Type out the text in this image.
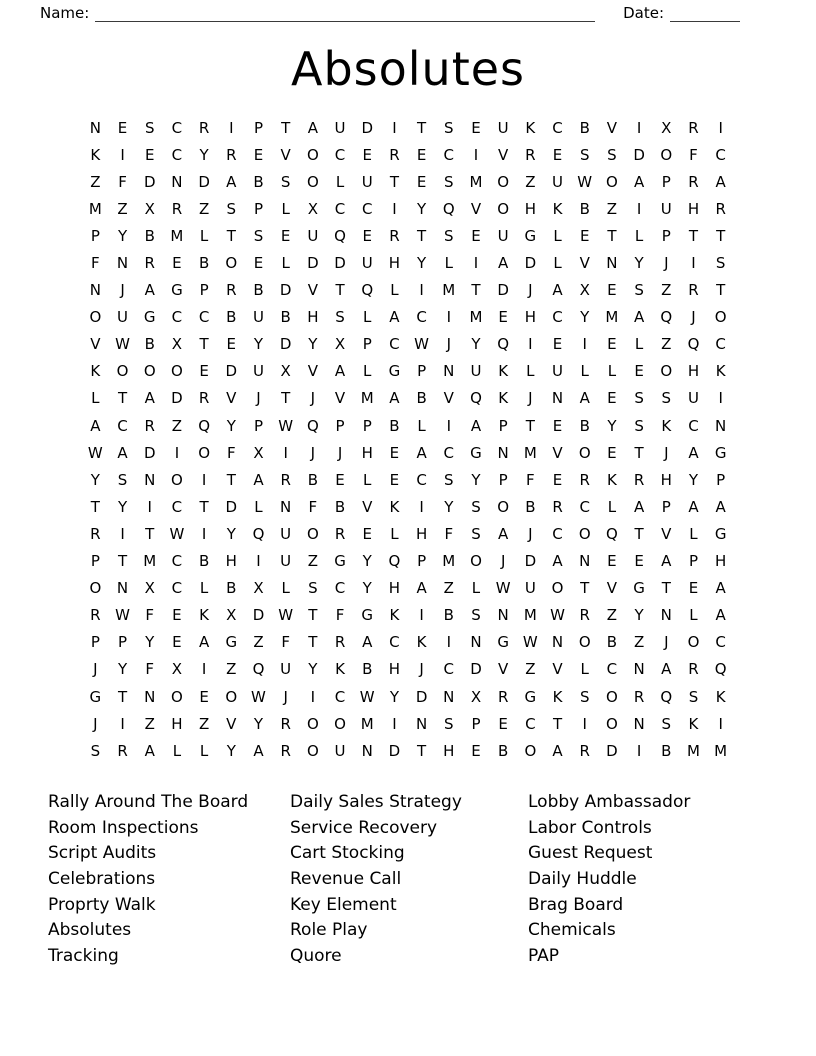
Name:	Date:
Absolutes
N	E	S	C	R	I	P	T	A	U	D	I	T	S	E	U	K	C	B	V	I	X	R	I
K	I	E	C	Y	R	E	V	O	C	E	R	E	C	I	V	R	E	S	S	D	O	F	C
Z	F	D	N	D	A	B	S	O	L	U	T	E	S	M O	Z	U W O	A	P	R	A
M	Z	X	R	Z	S	P	L	X	C	C	I	Y	Q	V	O	H	K	B	Z	I	U	H	R
P	Y	B	M	L	T	S	E	U	Q	E	R	T	S	E	U	G	L	E	T	L	P	T	T
F	N	R	E	B	O	E	L	D	D	U	H	Y	L	I	A	D	L	V	N	Y	J	I	S
N	J	A	G	P	R	B	D	V	T	Q	L	I	M	T	D	J	A	X	E	S	Z	R	T
O	U	G	C	C	B	U	B	H	S	L	A	C	I	M	E	H	C	Y	M	A	Q	J	O
V W B	X	T	E	Y	D	Y	X	P	C W	J	Y	Q	I	E	I	E	L	Z	Q	C
K	O	O	O	E	D	U	X	V	A	L	G	P	N	U	K	L	U	L	L	E	O	H	K
L	T	A	D	R	V	J	T	J	V	M	A	B	V	Q	K	J	N	A	E	S	S	U	I
A	C	R	Z	Q	Y	P	W Q	P	P	B	L	I	A	P	T	E	B	Y	S	K	C	N
W A	D	I	O	F	X	I	J	J	H	E	A	C	G	N	M	V	O	E	T	J	A	G
Y	S	N	O	I	T	A	R	B	E	L	E	C	S	Y	P	F	E	R	K	R	H	Y	P
T	Y	I	C	T	D	L	N	F	B	V	K	I	Y	S	O	B	R	C	L	A	P	A	A
R	I	T	W	I	Y	Q	U	O	R	E	L	H	F	S	A	J	C	O	Q	T	V	L	G
P	T	M	C	B	H	I	U	Z	G	Y	Q	P	M O	J	D	A	N	E	E	A	P	H
O	N	X	C	L	B	X	L	S	C	Y	H	A	Z	L	W U	O	T	V	G	T	E	A
R W	F	E	K	X	D W	T	F	G	K	I	B	S	N	M W R	Z	Y	N	L	A
P	P	Y	E	A	G	Z	F	T	R	A	C	K	I	N	G W N	O	B	Z	J	O	C
J	Y	F	X	I	Z	Q	U	Y	K	B	H	J	C	D	V	Z	V	L	C	N	A	R	Q
G	T	N	O	E	O W	J	I	C W	Y	D	N	X	R	G	K	S	O	R	Q	S	K
J	I	Z	H	Z	V	Y	R	O	O M	I	N	S	P	E	C	T	I	O	N	S	K	I
S	R	A	L	L	Y	A	R	O	U	N	D	T	H	E	B	O	A	R	D	I	B	M M
Rally Around The Board
Room Inspections
Script Audits
Celebrations
Proprty Walk
Absolutes
Tracking
Daily Sales Strategy
Service Recovery
Cart Stocking
Revenue Call
Key Element
Role Play
Quore
Lobby Ambassador
Labor Controls
Guest Request
Daily Huddle
Brag Board
Chemicals
PAP
